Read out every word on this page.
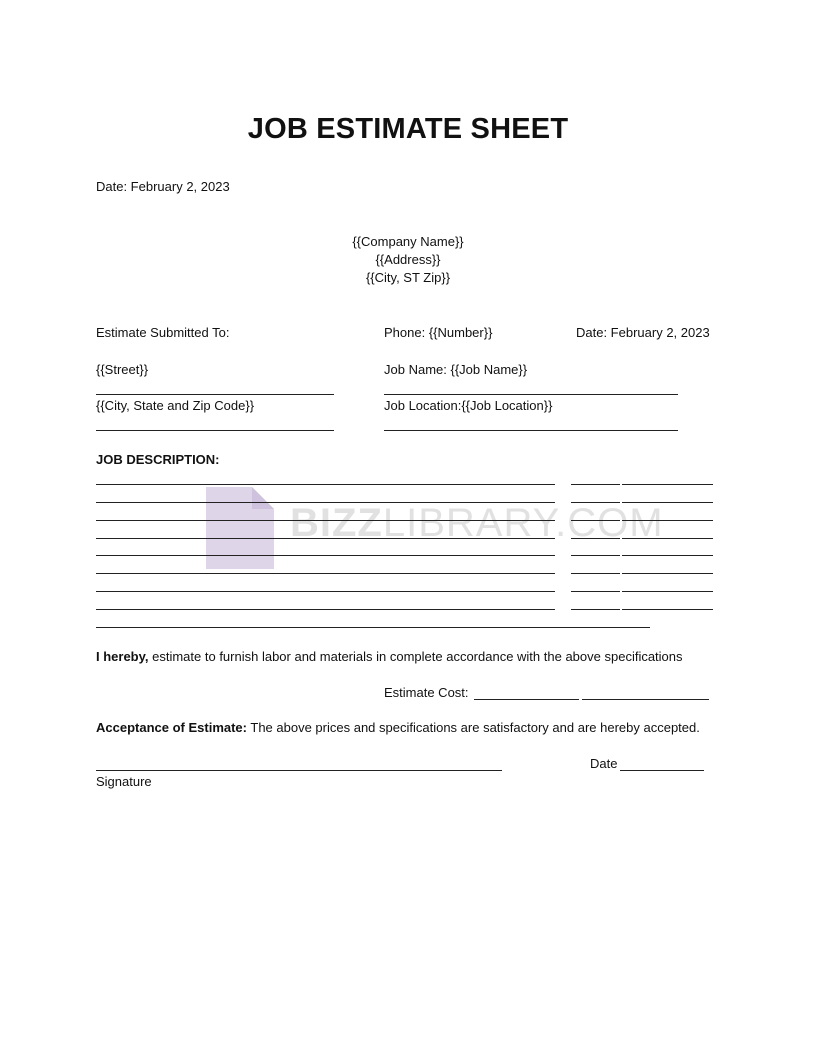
JOB ESTIMATE SHEET
Date: February 2, 2023
{{Company Name}}
{{Address}}
{{City, ST Zip}}
Estimate Submitted To:	Phone: {{Number}}	Date: February 2, 2023
{{Street}}	Job Name: {{Job Name}}
{{City, State and Zip Code}}	Job Location:{{Job Location}}
JOB DESCRIPTION:
BIZZLIBRARY.COM
I hereby, estimate to furnish labor and materials in complete accordance with the above specifications
Estimate Cost:
Acceptance of Estimate: The above prices and specifications are satisfactory and are hereby accepted.
Date
Signature
